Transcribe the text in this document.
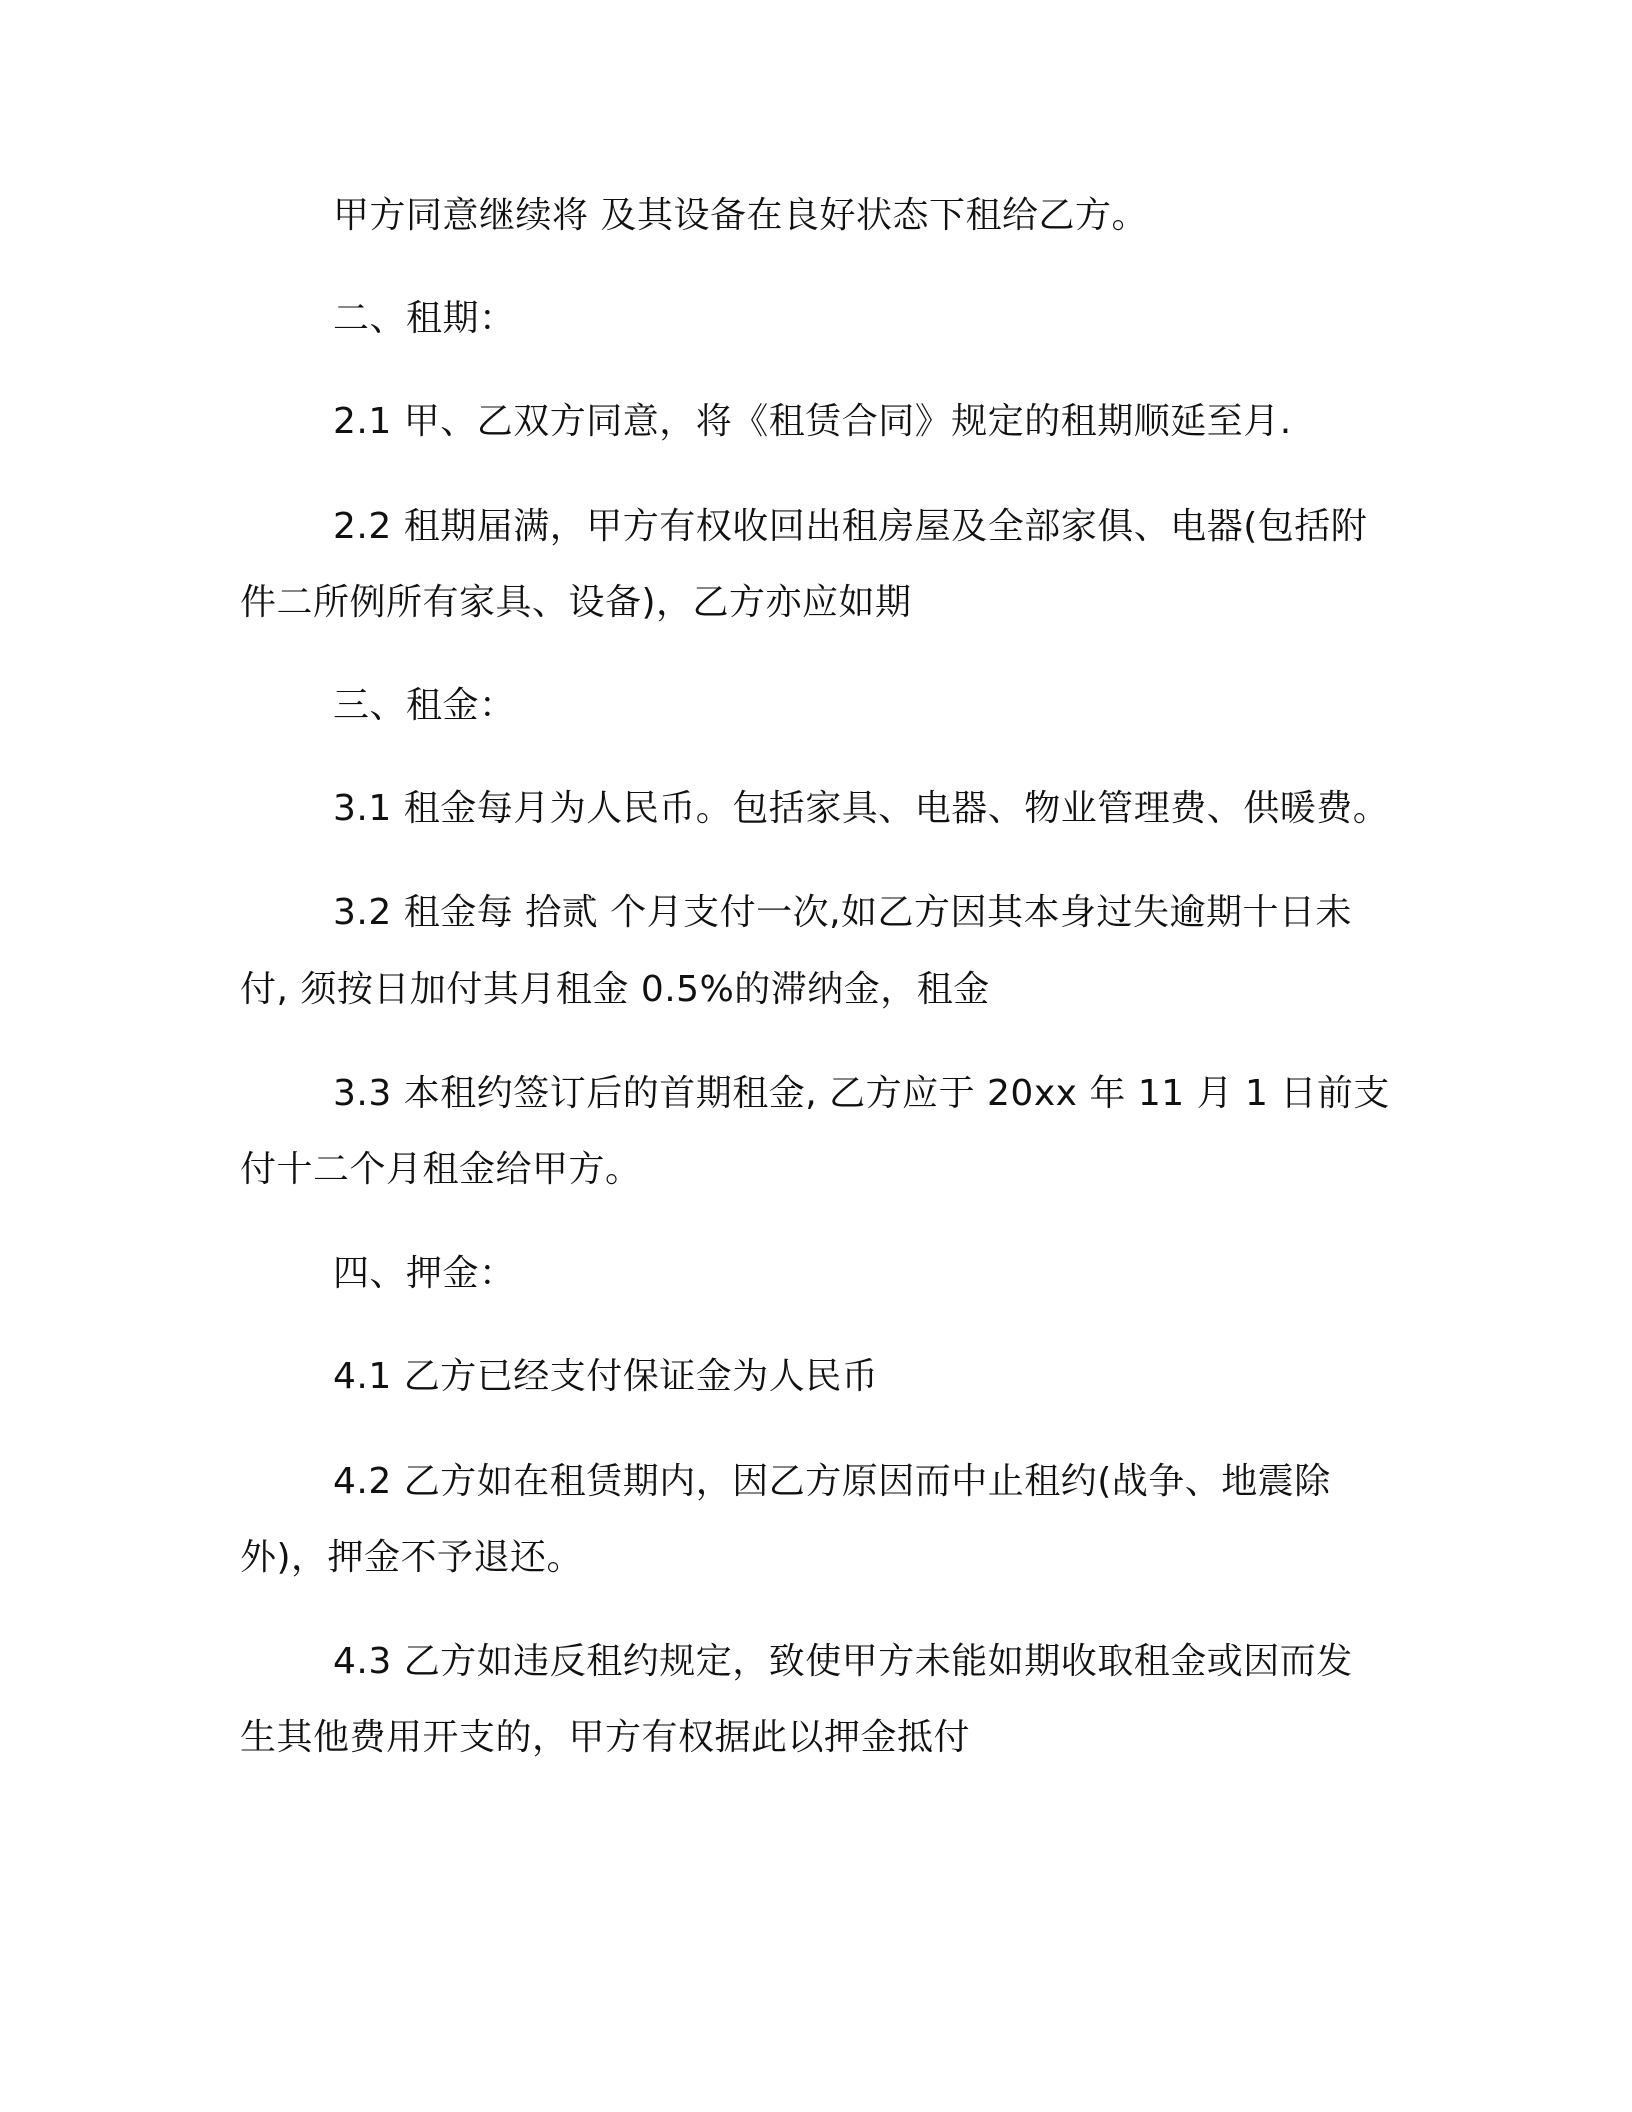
甲方同意继续将 及其设备在良好状态下租给乙方。
二、租期：
2.1 甲、乙双方同意，将《租赁合同》规定的租期顺延至月.
2.2 租期届满，甲方有权收回出租房屋及全部家俱、电器(包括附
件二所例所有家具、设备)，乙方亦应如期
三、租金：
3.1 租金每月为人民币。包括家具、电器、物业管理费、供暖费。
3.2 租金每 拾贰 个月支付一次,如乙方因其本身过失逾期十日未
付, 须按日加付其月租金 0.5%的滞纳金，租金
3.3 本租约签订后的首期租金, 乙方应于 20xx 年 11 月 1 日前支
付十二个月租金给甲方。
四、押金：
4.1 乙方已经支付保证金为人民币
4.2 乙方如在租赁期内，因乙方原因而中止租约(战争、地震除
外)，押金不予退还。
4.3 乙方如违反租约规定，致使甲方未能如期收取租金或因而发
生其他费用开支的，甲方有权据此以押金抵付
